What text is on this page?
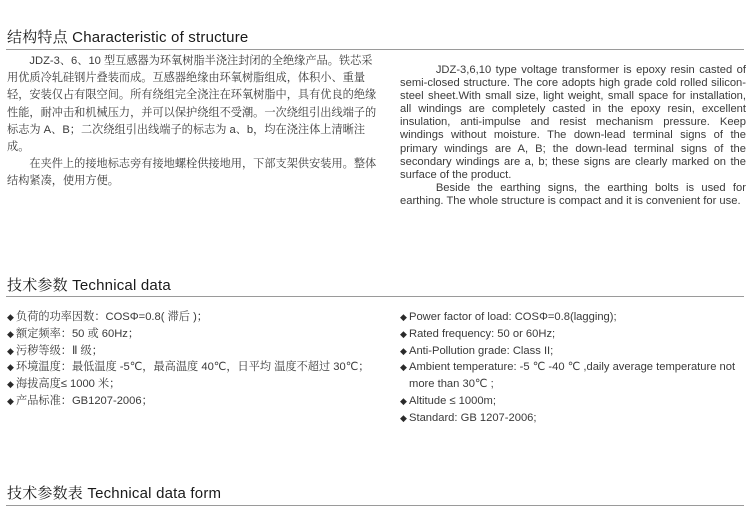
结构特点 Characteristic of structure

JDZ-3、6、10 型互感器为环氧树脂半浇注封闭的全绝缘产品。铁芯采用优质冷轧硅钢片叠装而成。互感器绝缘由环氧树脂组成，体积小、重量轻，安装仅占有限空间。所有绕组完全浇注在环氧树脂中，具有优良的绝缘性能，耐冲击和机械压力，并可以保护绕组不受潮。一次绕组引出线端子的标志为 A、B；二次绕组引出线端子的标志为 a、b，均在浇注体上清晰注成。

在夹件上的接地标志旁有接地螺栓供接地用，下部支架供安装用。整体结构紧凑，使用方便。

JDZ-3,6,10 type voltage transformer is epoxy resin casted of semi-closed structure. The core adopts high grade cold rolled silicon-steel sheet.With small size, light weight, small space for installation, all windings are completely casted in the epoxy resin, excellent insulation, anti-impulse and resist mechanism pressure. Keep windings without moisture. The down-lead terminal signs of the primary windings are A, B; the down-lead terminal signs of the secondary windings are a, b; these signs are clearly marked on the surface of the product.

Beside the earthing signs, the earthing bolts is used for earthing. The whole structure is compact and it is convenient for use.

技术参数 Technical data
◆ 负荷的功率因数：COSΦ=0.8( 滞后 )；
◆ 额定频率：50 或 60Hz；
◆ 污秽等级：Ⅱ 级；
◆ 环境温度：最低温度 -5℃，最高温度 40℃，日平均 温度不超过 30℃；
◆ 海拔高度≤ 1000 米；
◆ 产品标准：GB1207-2006；
◆ Power factor of load: COSΦ=0.8(lagging);
◆ Rated frequency: 50 or 60Hz;
◆ Anti-Pollution grade: Class II;
◆ Ambient temperature: -5 ℃ -40 ℃ ,daily average temperature not more than 30℃ ;
◆ Altitude ≤ 1000m;
◆ Standard: GB 1207-2006;
技术参数表 Technical data form
